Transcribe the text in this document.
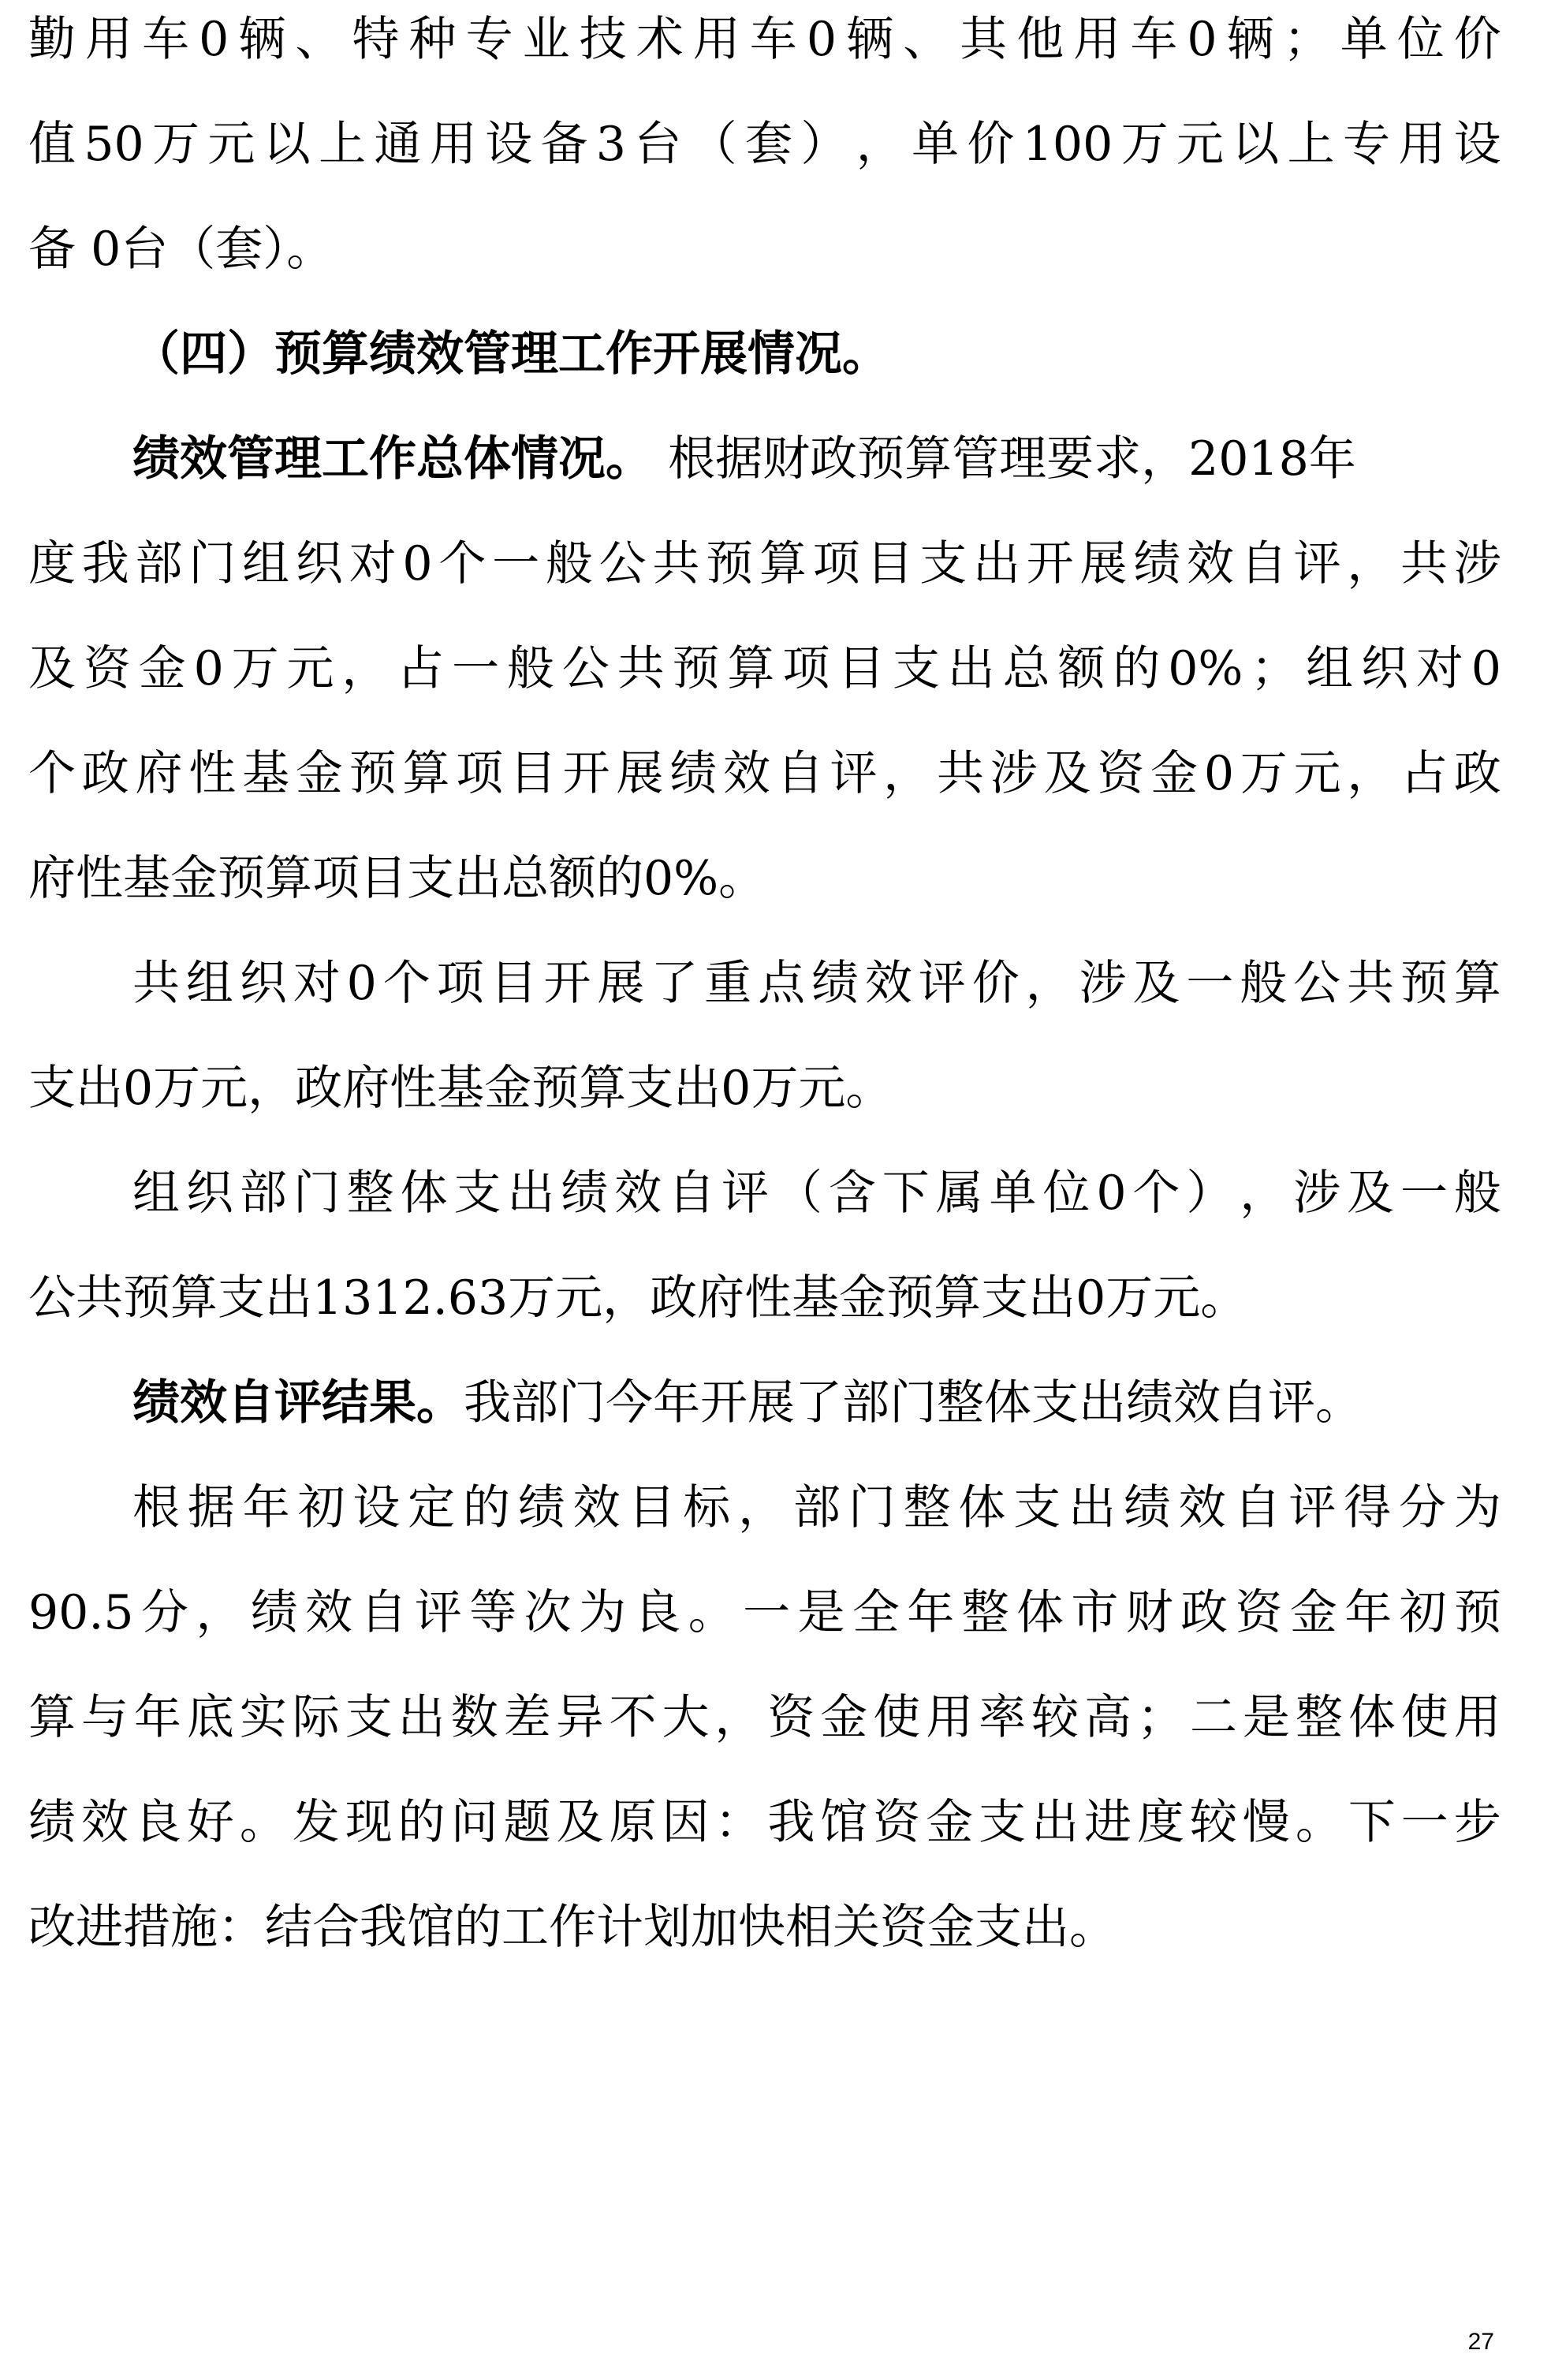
勤 用 车 0 辆 、 特 种 专 业 技 术 用 车 0 辆 、 其 他 用 车 0 辆 ； 单 位 价
值 50 万 元 以 上 通 用 设 备 3 台 （ 套 ） ， 单 价 100 万 元 以 上 专 用 设
备 0台（套）。
（四）预算绩效管理工作开展情况。
绩效管理工作总体情况。 根据财政预算管理要求，2018年
度 我 部 门 组 织 对 0 个 一 般 公 共 预 算 项 目 支 出 开 展 绩 效 自 评 ， 共 涉
及 资 金 0 万 元 ， 占 一 般 公 共 预 算 项 目 支 出 总 额 的 0% ； 组 织 对 0
个 政 府 性 基 金 预 算 项 目 开 展 绩 效 自 评 ， 共 涉 及 资 金 0 万 元 ， 占 政
府性基金预算项目支出总额的0%。
共 组 织 对 0 个 项 目 开 展 了 重 点 绩 效 评 价 ， 涉 及 一 般 公 共 预 算
支出0万元，政府性基金预算支出0万元。
组 织 部 门 整 体 支 出 绩 效 自 评 （ 含 下 属 单 位 0 个 ） ， 涉 及 一 般
公共预算支出1312.63万元，政府性基金预算支出0万元。
绩效自评结果。我部门今年开展了部门整体支出绩效自评。
根 据 年 初 设 定 的 绩 效 目 标 ， 部 门 整 体 支 出 绩 效 自 评 得 分 为
90.5 分 ， 绩 效 自 评 等 次 为 良 。 一 是 全 年 整 体 市 财 政 资 金 年 初 预
算 与 年 底 实 际 支 出 数 差 异 不 大 ， 资 金 使 用 率 较 高 ； 二 是 整 体 使 用
绩 效 良 好 。 发 现 的 问 题 及 原 因 ： 我 馆 资 金 支 出 进 度 较 慢 。 下 一 步
改进措施：结合我馆的工作计划加快相关资金支出。
27
